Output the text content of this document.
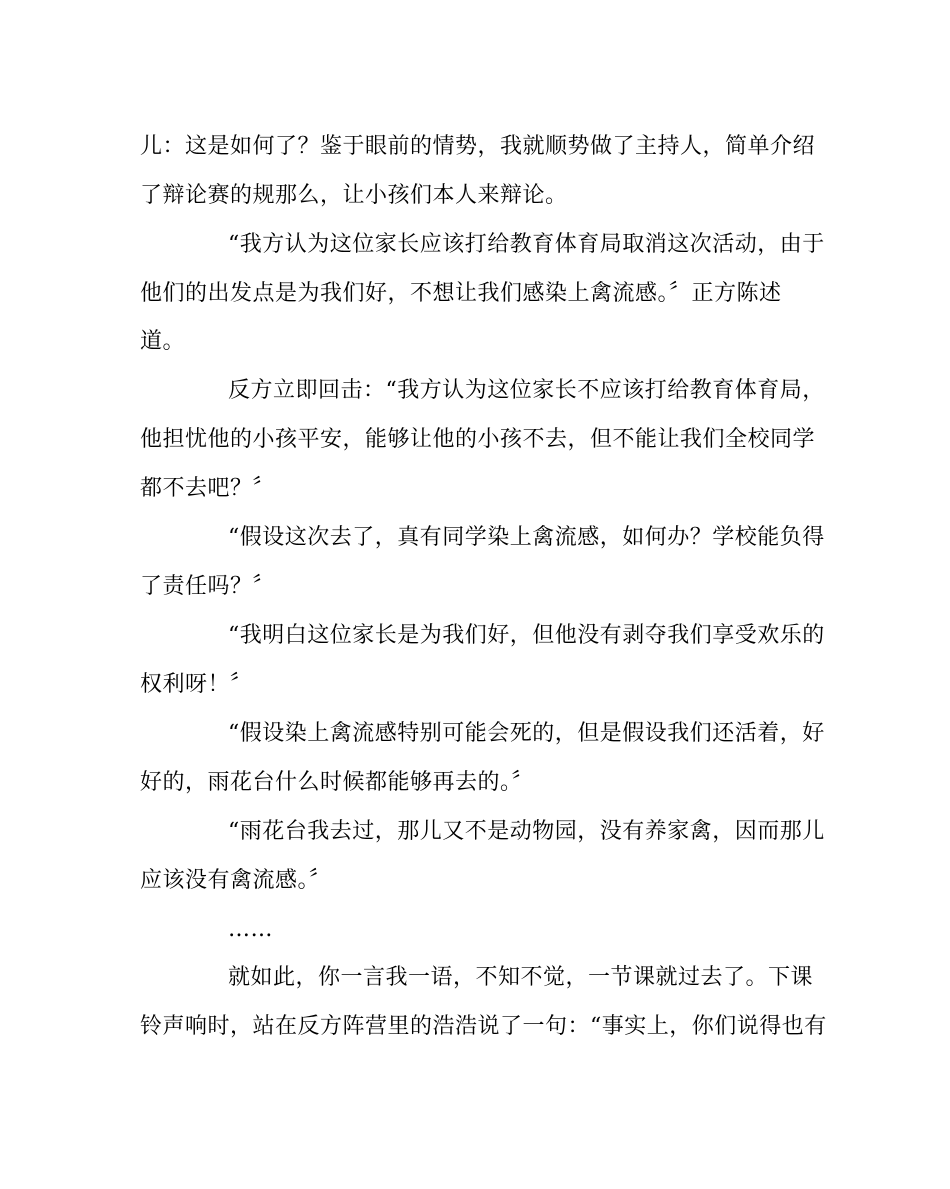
儿：这是如何了？鉴于眼前的情势，我就顺势做了主持人，简单介绍
了辩论赛的规那么，让小孩们本人来辩论。
“我方认为这位家长应该打给教育体育局取消这次活动，由于
他们的出发点是为我们好，不想让我们感染上禽流感。〞正方陈述
道。
反方立即回击：“我方认为这位家长不应该打给教育体育局，
他担忧他的小孩平安，能够让他的小孩不去，但不能让我们全校同学
都不去吧？〞
“假设这次去了，真有同学染上禽流感，如何办？学校能负得
了责任吗？〞
“我明白这位家长是为我们好，但他没有剥夺我们享受欢乐的
权利呀！〞
“假设染上禽流感特别可能会死的，但是假设我们还活着，好
好的，雨花台什么时候都能够再去的。〞
“雨花台我去过，那儿又不是动物园，没有养家禽，因而那儿
应该没有禽流感。〞
……
就如此，你一言我一语，不知不觉，一节课就过去了。下课
铃声响时，站在反方阵营里的浩浩说了一句：“事实上，你们说得也有
